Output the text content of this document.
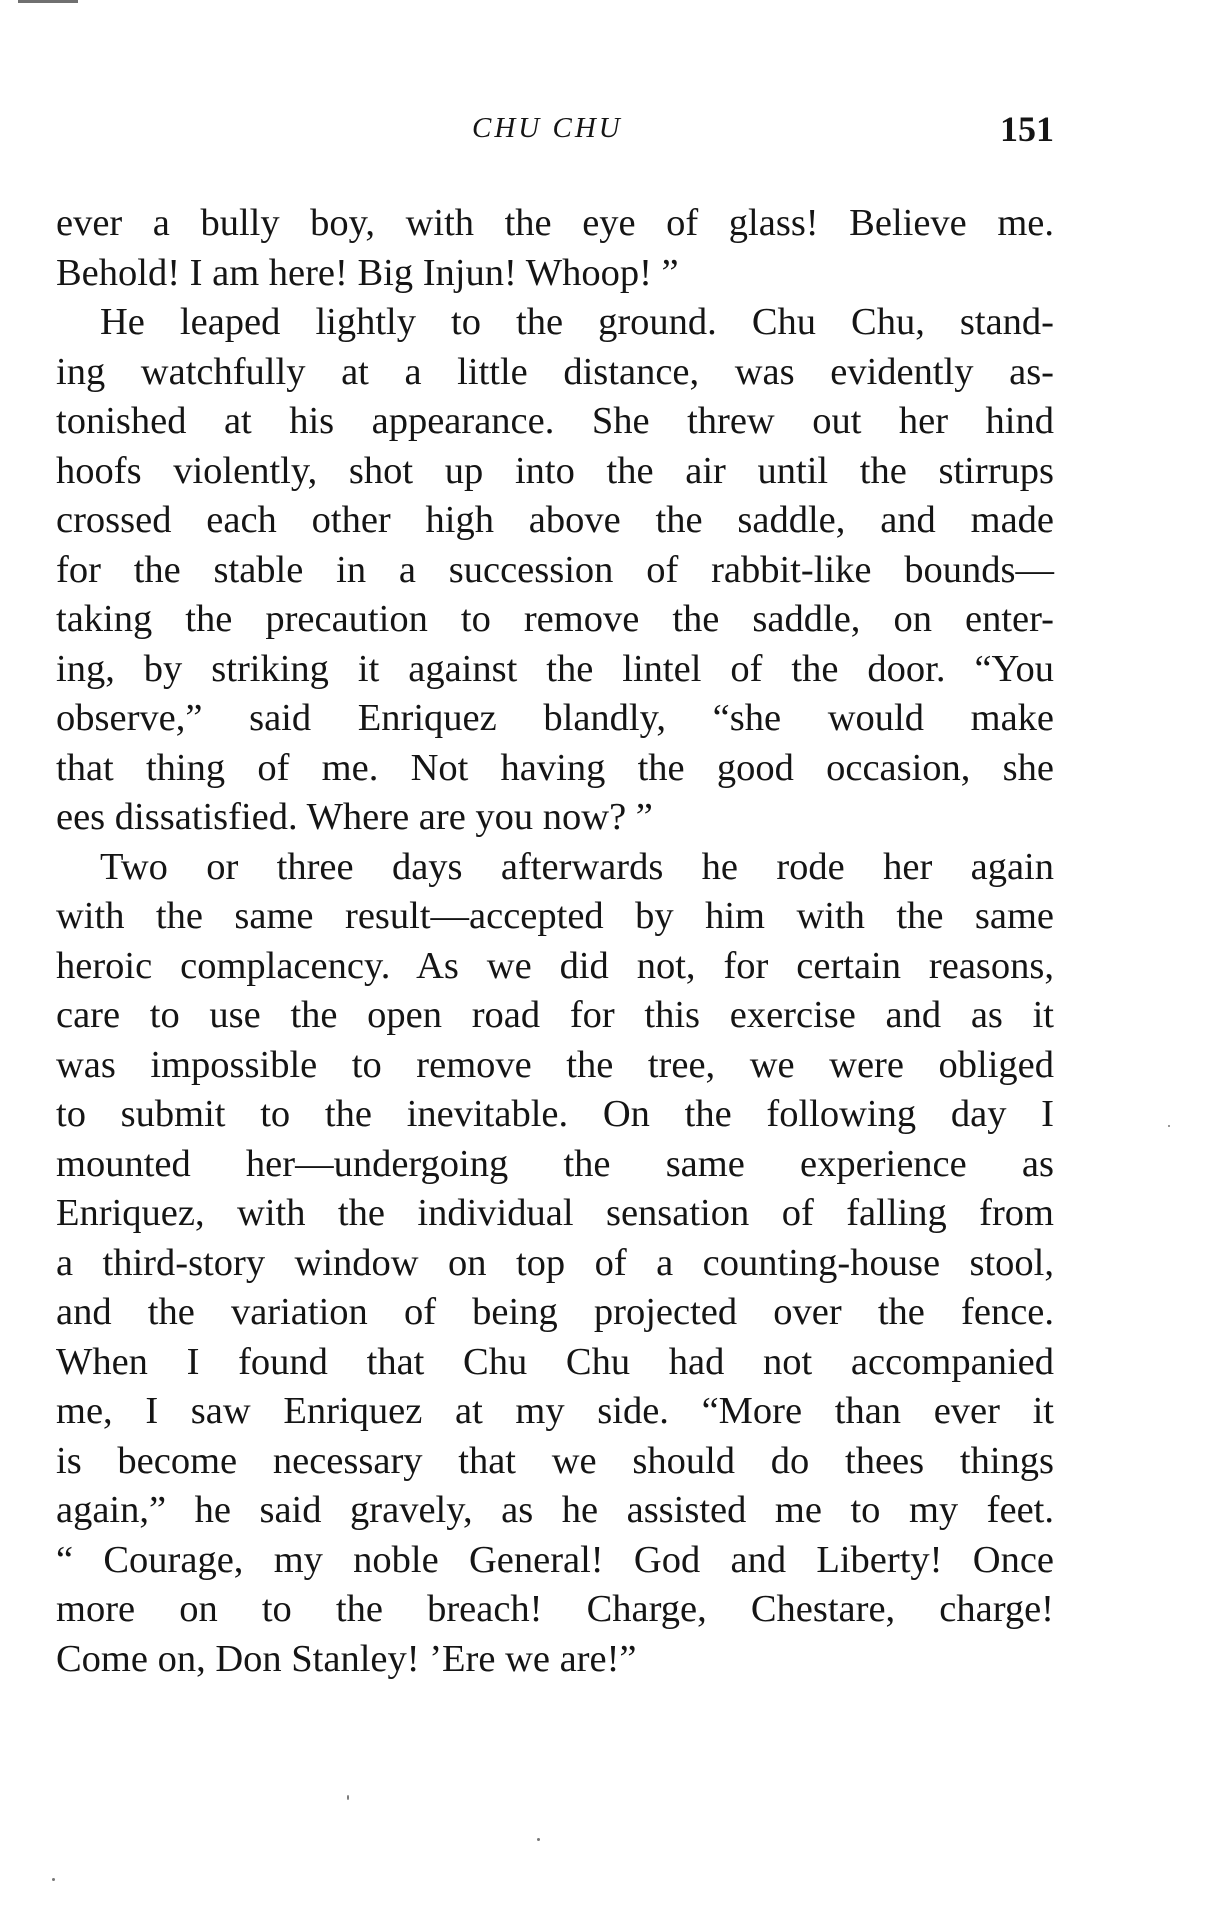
CHU CHU	151
ever a bully boy, with the eye of glass! Believe me.
Behold! I am here! Big Injun! Whoop! ”
He leaped lightly to the ground. Chu Chu, stand-
ing watchfully at a little distance, was evidently as-
tonished at his appearance. She threw out her hind
hoofs violently, shot up into the air until the stirrups
crossed each other high above the saddle, and made
for the stable in a succession of rabbit-like bounds—
taking the precaution to remove the saddle, on enter-
ing, by striking it against the lintel of the door. “You
observe,” said Enriquez blandly, “she would make
that thing of me. Not having the good occasion, she
ees dissatisfied. Where are you now? ”
Two or three days afterwards he rode her again
with the same result—accepted by him with the same
heroic complacency. As we did not, for certain reasons,
care to use the open road for this exercise and as it
was impossible to remove the tree, we were obliged
to submit to the inevitable. On the following day I
mounted her—undergoing the same experience as
Enriquez, with the individual sensation of falling from
a third-story window on top of a counting-house stool,
and the variation of being projected over the fence.
When I found that Chu Chu had not accompanied
me, I saw Enriquez at my side. “More than ever it
is become necessary that we should do thees things
again,” he said gravely, as he assisted me to my feet.
“ Courage, my noble General! God and Liberty! Once
more on to the breach! Charge, Chestare, charge!
Come on, Don Stanley! ’Ere we are!”
